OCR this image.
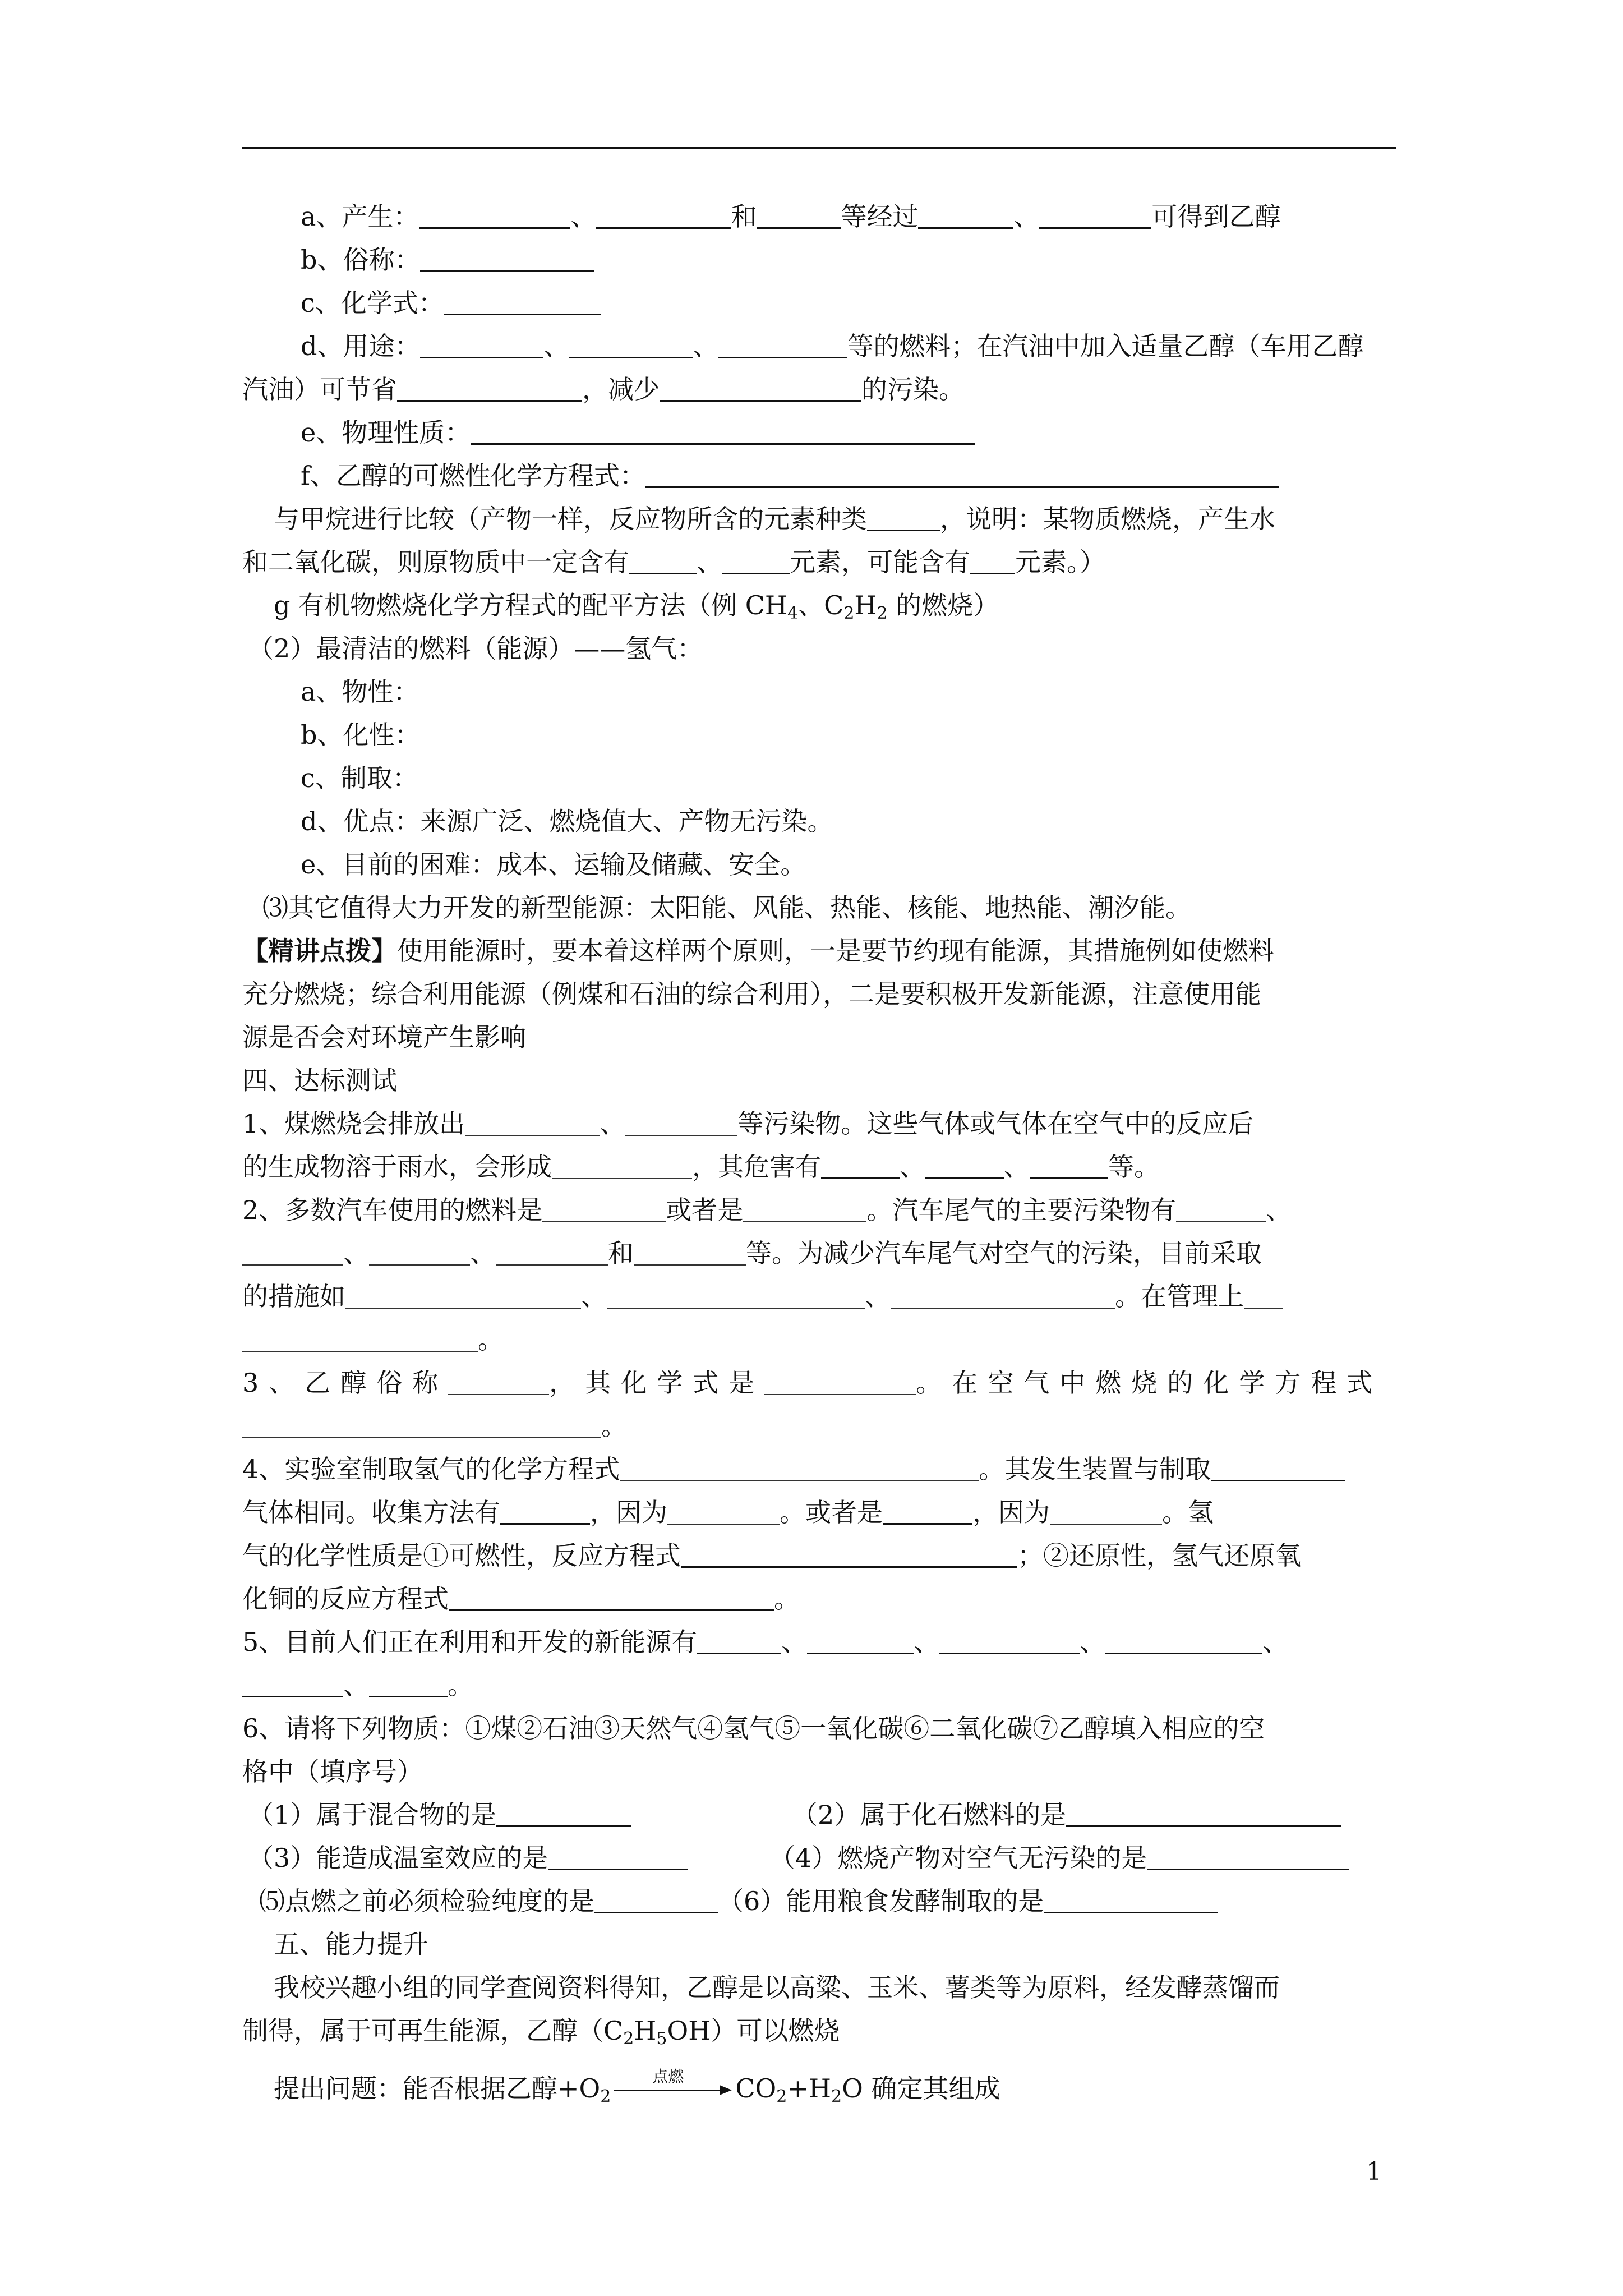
a、产生：	、	和	等经过	、	可得到乙醇
b、俗称：
c、化学式：
d、用途：	、	、	等的燃料；在汽油中加入适量乙醇（车用乙醇
汽油）可节省	，减少	的污染。
e、物理性质：
f、乙醇的可燃性化学方程式：
与甲烷进行比较（产物一样，反应物所含的元素种类	，说明：某物质燃烧，产生水
和二氧化碳，则原物质中一定含有	、	元素，可能含有 元素。）
g 有机物燃烧化学方程式的配平方法（例 $CH_4$、$C_2H_2$ 的燃烧）
（2）最清洁的燃料（能源）——氢气：
a、物性：
b、化性：
c、制取：
d、优点：来源广泛、燃烧值大、产物无污染。
e、目前的困难：成本、运输及储藏、安全。
⑶其它值得大力开发的新型能源：太阳能、风能、热能、核能、地热能、潮汐能。
【精讲点拨】使用能源时，要本着这样两个原则，一是要节约现有能源，其措施例如使燃料
充分燃烧；综合利用能源（例煤和石油的综合利用），二是要积极开发新能源，注意使用能
源是否会对环境产生影响
四、达标测试
1、煤燃烧会排放出	、	等污染物。这些气体或气体在空气中的反应后
的生成物溶于雨水，会形成	，其危害有	、	、	等。
2、多数汽车使用的燃料是	或者是	。汽车尾气的主要污染物有	、
、	、	和	等。为减少汽车尾气对空气的污染，目前采取
的措施如	、	、	。在管理上
。
3、乙醇俗称	，其化学式是	。在空气中燃烧的化学方程式
。
4、实验室制取氢气的化学方程式	。其发生装置与制取
气体相同。收集方法有	，因为	。或者是	，因为	。氢
气的化学性质是①可燃性，反应方程式	；②还原性，氢气还原氧
化铜的反应方程式	。
5、目前人们正在利用和开发的新能源有	、	、	、	、
、	。
6、请将下列物质：①煤②石油③天然气④氢气⑤一氧化碳⑥二氧化碳⑦乙醇填入相应的空
格中（填序号）
（1）属于混合物的是	（2）属于化石燃料的是
（3）能造成温室效应的是	（4）燃烧产物对空气无污染的是
⑸点燃之前必须检验纯度的是	（6）能用粮食发酵制取的是
五、能力提升
我校兴趣小组的同学查阅资料得知，乙醇是以高粱、玉米、薯类等为原料，经发酵蒸馏而
制得，属于可再生能源，乙醇$(C_2H_5OH)$可以燃烧
提出问题：能否根据乙醇$+O_2$
点燃	$CO_2+H_2O$ 确定其组成
1
